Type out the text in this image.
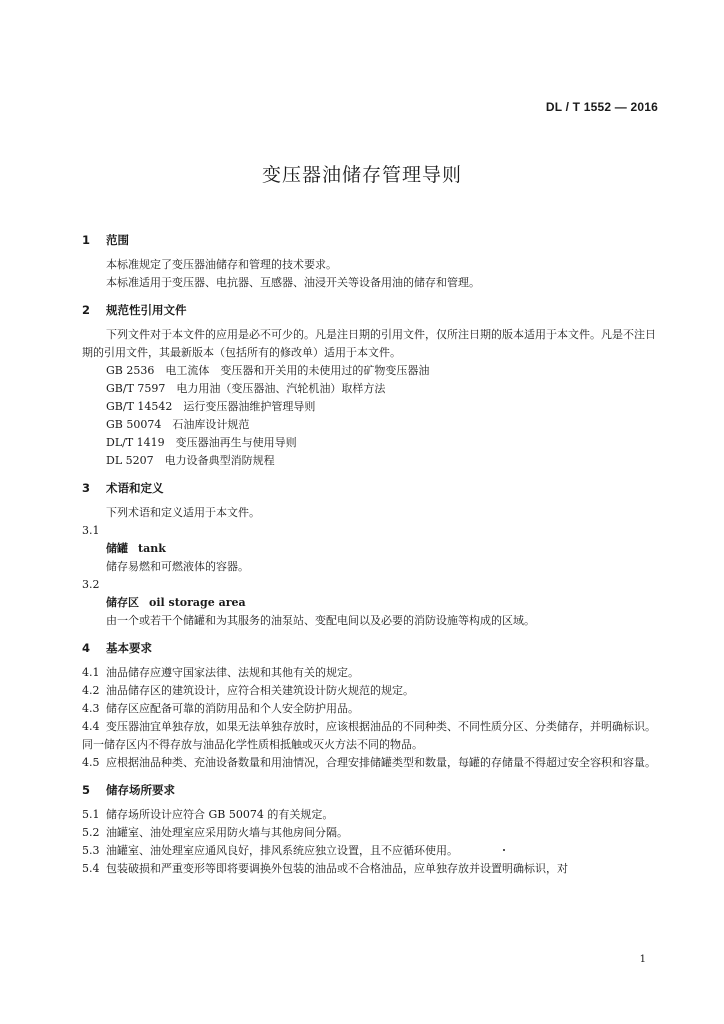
DL / T 1552 — 2016
变压器油储存管理导则
1 范围
本标准规定了变压器油储存和管理的技术要求。
本标准适用于变压器、电抗器、互感器、油浸开关等设备用油的储存和管理。
2 规范性引用文件
下列文件对于本文件的应用是必不可少的。凡是注日期的引用文件，仅所注日期的版本适用于本文件。凡是不注日期的引用文件，其最新版本（包括所有的修改单）适用于本文件。
GB 2536　电工流体　变压器和开关用的未使用过的矿物变压器油
GB/T 7597　电力用油（变压器油、汽轮机油）取样方法
GB/T 14542　运行变压器油维护管理导则
GB 50074　石油库设计规范
DL/T 1419　变压器油再生与使用导则
DL 5207　电力设备典型消防规程
3 术语和定义
下列术语和定义适用于本文件。
3.1
储罐 tank
储存易燃和可燃液体的容器。
3.2
储存区 oil storage area
由一个或若干个储罐和为其服务的油泵站、变配电间以及必要的消防设施等构成的区域。
4 基本要求
4.1 油品储存应遵守国家法律、法规和其他有关的规定。
4.2 油品储存区的建筑设计，应符合相关建筑设计防火规范的规定。
4.3 储存区应配备可靠的消防用品和个人安全防护用品。
4.4 变压器油宜单独存放，如果无法单独存放时，应该根据油品的不同种类、不同性质分区、分类储存，并明确标识。同一储存区内不得存放与油品化学性质相抵触或灭火方法不同的物品。
4.5 应根据油品种类、充油设备数量和用油情况，合理安排储罐类型和数量，每罐的存储量不得超过安全容积和容量。
5 储存场所要求
5.1 储存场所设计应符合 GB 50074 的有关规定。
5.2 油罐室、油处理室应采用防火墙与其他房间分隔。
5.3 油罐室、油处理室应通风良好，排风系统应独立设置，且不应循环使用。
5.4 包装破损和严重变形等即将要调换外包装的油品或不合格油品，应单独存放并设置明确标识，对
1
